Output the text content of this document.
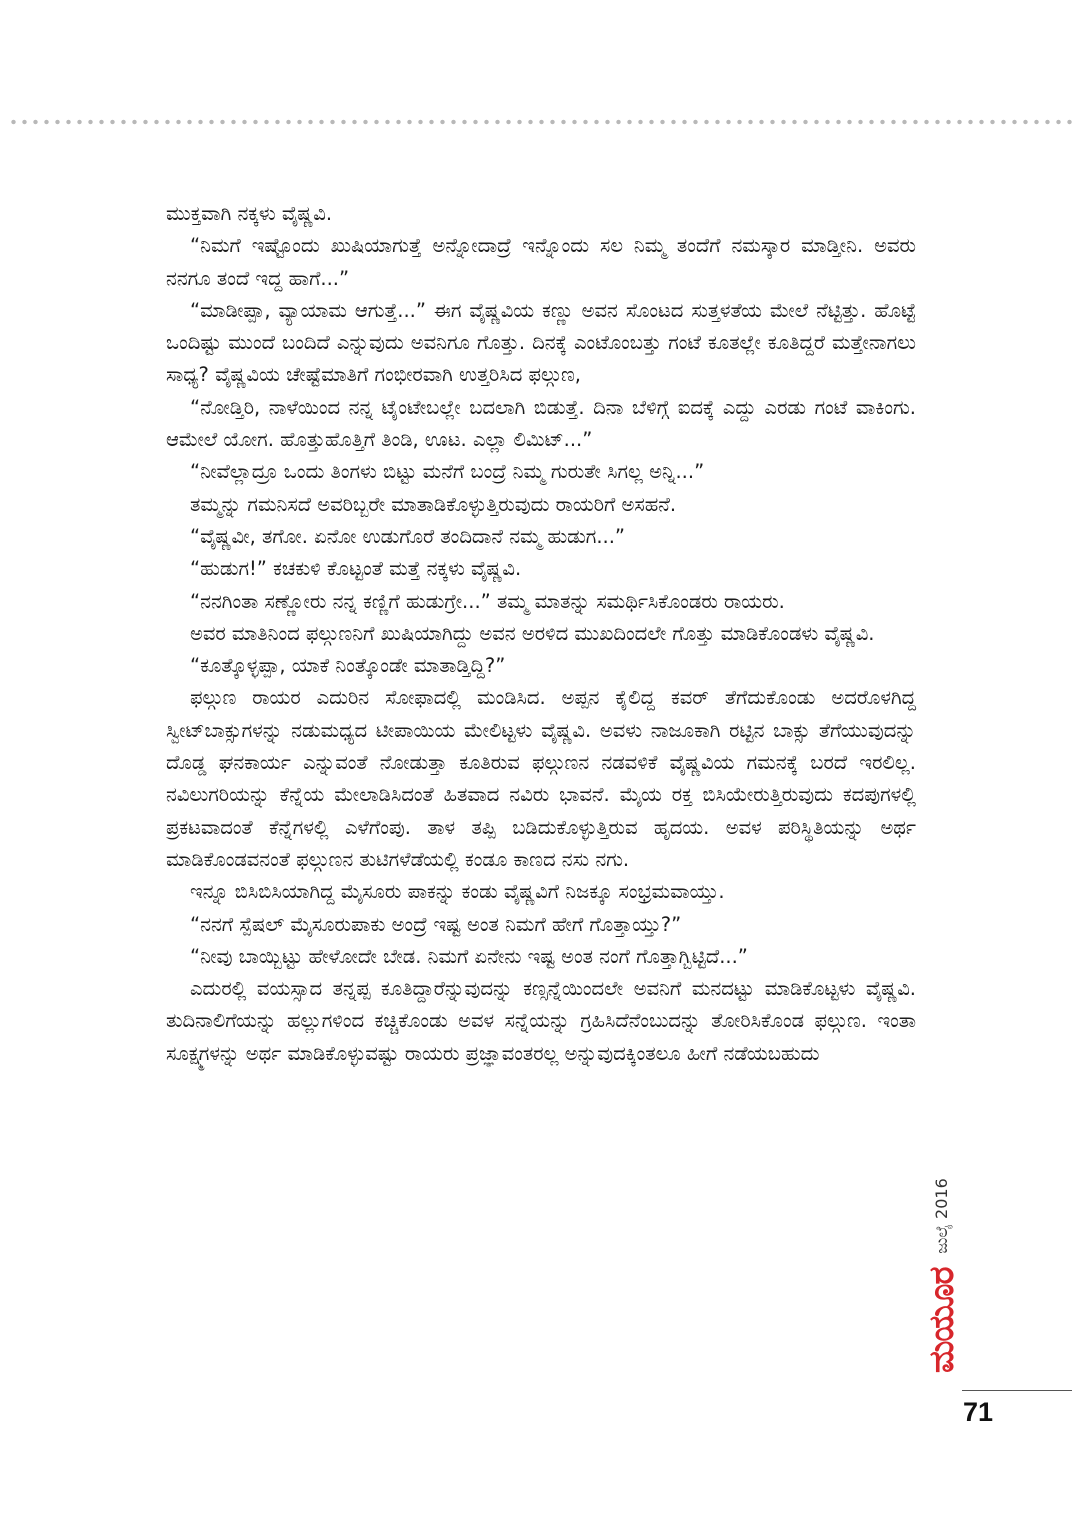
ಮುಕ್ತವಾಗಿ ನಕ್ಕಳು ವೈಷ್ಣವಿ.

“ನಿಮಗೆ ಇಷ್ಟೊಂದು ಖುಷಿಯಾಗುತ್ತೆ ಅನ್ನೋದಾದ್ರೆ ಇನ್ನೊಂದು ಸಲ ನಿಮ್ಮ ತಂದೆಗೆ ನಮಸ್ಕಾರ ಮಾಡ್ತೀನಿ. ಅವರು ನನಗೂ ತಂದೆ ಇದ್ದ ಹಾಗೆ...”

“ಮಾಡೀಪ್ಪಾ, ವ್ಯಾಯಾಮ ಆಗುತ್ತೆ...” ಈಗ ವೈಷ್ಣವಿಯ ಕಣ್ಣು ಅವನ ಸೊಂಟದ ಸುತ್ತಳತೆಯ ಮೇಲೆ ನೆಟ್ಟಿತ್ತು. ಹೊಟ್ಟೆ ಒಂದಿಷ್ಟು ಮುಂದೆ ಬಂದಿದೆ ಎನ್ನುವುದು ಅವನಿಗೂ ಗೊತ್ತು. ದಿನಕ್ಕೆ ಎಂಟೊಂಬತ್ತು ಗಂಟೆ ಕೂತಲ್ಲೇ ಕೂತಿದ್ದರೆ ಮತ್ತೇನಾಗಲು ಸಾಧ್ಯ? ವೈಷ್ಣವಿಯ ಚೇಷ್ಟೆಮಾತಿಗೆ ಗಂಭೀರವಾಗಿ ಉತ್ತರಿಸಿದ ಫಲ್ಗುಣ,

“ನೋಡ್ತಿರಿ, ನಾಳೆಯಿಂದ ನನ್ನ ಟೈಂಟೇಬಲ್ಲೇ ಬದಲಾಗಿ ಬಿಡುತ್ತೆ. ದಿನಾ ಬೆಳಿಗ್ಗೆ ಐದಕ್ಕೆ ಎದ್ದು ಎರಡು ಗಂಟೆ ವಾಕಿಂಗು. ಆಮೇಲೆ ಯೋಗ. ಹೊತ್ತುಹೊತ್ತಿಗೆ ತಿಂಡಿ, ಊಟ. ಎಲ್ಲಾ ಲಿಮಿಟ್...”

“ನೀವೆಲ್ಲಾದ್ರೂ ಒಂದು ತಿಂಗಳು ಬಿಟ್ಟು ಮನೆಗೆ ಬಂದ್ರೆ ನಿಮ್ಮ ಗುರುತೇ ಸಿಗಲ್ಲ ಅನ್ನಿ...”

ತಮ್ಮನ್ನು ಗಮನಿಸದೆ ಅವರಿಬ್ಬರೇ ಮಾತಾಡಿಕೊಳ್ಳುತ್ತಿರುವುದು ರಾಯರಿಗೆ ಅಸಹನೆ.

“ವೈಷ್ಣವೀ, ತಗೋ. ಏನೋ ಉಡುಗೊರೆ ತಂದಿದಾನೆ ನಮ್ಮ ಹುಡುಗ...”

“ಹುಡುಗ!” ಕಚಕುಳಿ ಕೊಟ್ಟಂತೆ ಮತ್ತೆ ನಕ್ಕಳು ವೈಷ್ಣವಿ.

“ನನಗಿಂತಾ ಸಣ್ಣೋರು ನನ್ನ ಕಣ್ಣಿಗೆ ಹುಡುಗ್ರೇ...” ತಮ್ಮ ಮಾತನ್ನು ಸಮರ್ಥಿಸಿಕೊಂಡರು ರಾಯರು.

ಅವರ ಮಾತಿನಿಂದ ಫಲ್ಗುಣನಿಗೆ ಖುಷಿಯಾಗಿದ್ದು ಅವನ ಅರಳಿದ ಮುಖದಿಂದಲೇ ಗೊತ್ತು ಮಾಡಿಕೊಂಡಳು ವೈಷ್ಣವಿ.

“ಕೂತ್ಕೊಳ್ಳಪ್ಪಾ, ಯಾಕೆ ನಿಂತ್ಕೊಂಡೇ ಮಾತಾಡ್ತಿದ್ದಿ?”

ಫಲ್ಗುಣ ರಾಯರ ಎದುರಿನ ಸೋಫಾದಲ್ಲಿ ಮಂಡಿಸಿದ. ಅಪ್ಪನ ಕೈಲಿದ್ದ ಕವರ್ ತೆಗೆದುಕೊಂಡು ಅದರೊಳಗಿದ್ದ ಸ್ವೀಟ್‌ಬಾಕ್ಸುಗಳನ್ನು ನಡುಮಧ್ಯದ ಟೀಪಾಯಿಯ ಮೇಲಿಟ್ಟಳು ವೈಷ್ಣವಿ. ಅವಳು ನಾಜೂಕಾಗಿ ರಟ್ಟಿನ ಬಾಕ್ಸು ತೆಗೆಯುವುದನ್ನು ದೊಡ್ಡ ಘನಕಾರ್ಯ ಎನ್ನುವಂತೆ ನೋಡುತ್ತಾ ಕೂತಿರುವ ಫಲ್ಗುಣನ ನಡವಳಿಕೆ ವೈಷ್ಣವಿಯ ಗಮನಕ್ಕೆ ಬರದೆ ಇರಲಿಲ್ಲ. ನವಿಲುಗರಿಯನ್ನು ಕೆನ್ನೆಯ ಮೇಲಾಡಿಸಿದಂತೆ ಹಿತವಾದ ನವಿರು ಭಾವನೆ. ಮೈಯ ರಕ್ತ ಬಿಸಿಯೇರುತ್ತಿರುವುದು ಕದಪುಗಳಲ್ಲಿ ಪ್ರಕಟವಾದಂತೆ ಕೆನ್ನೆಗಳಲ್ಲಿ ಎಳೆಗೆಂಪು. ತಾಳ ತಪ್ಪಿ ಬಡಿದುಕೊಳ್ಳುತ್ತಿರುವ ಹೃದಯ. ಅವಳ ಪರಿಸ್ಥಿತಿಯನ್ನು ಅರ್ಥ ಮಾಡಿಕೊಂಡವನಂತೆ ಫಲ್ಗುಣನ ತುಟಿಗಳೆಡೆಯಲ್ಲಿ ಕಂಡೂ ಕಾಣದ ನಸು ನಗು.

ಇನ್ನೂ ಬಿಸಿಬಿಸಿಯಾಗಿದ್ದ ಮೈಸೂರು ಪಾಕನ್ನು ಕಂಡು ವೈಷ್ಣವಿಗೆ ನಿಜಕ್ಕೂ ಸಂಭ್ರಮವಾಯ್ತು.

“ನನಗೆ ಸ್ಪೆಷಲ್ ಮೈಸೂರುಪಾಕು ಅಂದ್ರೆ ಇಷ್ಟ ಅಂತ ನಿಮಗೆ ಹೇಗೆ ಗೊತ್ತಾಯ್ತು?”

“ನೀವು ಬಾಯ್ಬಿಟ್ಟು ಹೇಳೋದೇ ಬೇಡ. ನಿಮಗೆ ಏನೇನು ಇಷ್ಟ ಅಂತ ನಂಗೆ ಗೊತ್ತಾಗ್ಬಿಟ್ಟಿದೆ...”

ಎದುರಲ್ಲಿ ವಯಸ್ಸಾದ ತನ್ನಪ್ಪ ಕೂತಿದ್ದಾರೆನ್ನುವುದನ್ನು ಕಣ್ಸನ್ನೆಯಿಂದಲೇ ಅವನಿಗೆ ಮನದಟ್ಟು ಮಾಡಿಕೊಟ್ಟಳು ವೈಷ್ಣವಿ. ತುದಿನಾಲಿಗೆಯನ್ನು ಹಲ್ಲುಗಳಿಂದ ಕಚ್ಚಿಕೊಂಡು ಅವಳ ಸನ್ನೆಯನ್ನು ಗ್ರಹಿಸಿದೆನೆಂಬುದನ್ನು ತೋರಿಸಿಕೊಂಡ ಫಲ್ಗುಣ. ಇಂತಾ ಸೂಕ್ಷ್ಮಗಳನ್ನು ಅರ್ಥ ಮಾಡಿಕೊಳ್ಳುವಷ್ಟು ರಾಯರು ಪ್ರಜ್ಞಾವಂತರಲ್ಲ ಅನ್ನುವುದಕ್ಕಿಂತಲೂ ಹೀಗೆ ನಡೆಯಬಹುದು

ಮಯೂರ
ಜುಲೈ 2016
71
